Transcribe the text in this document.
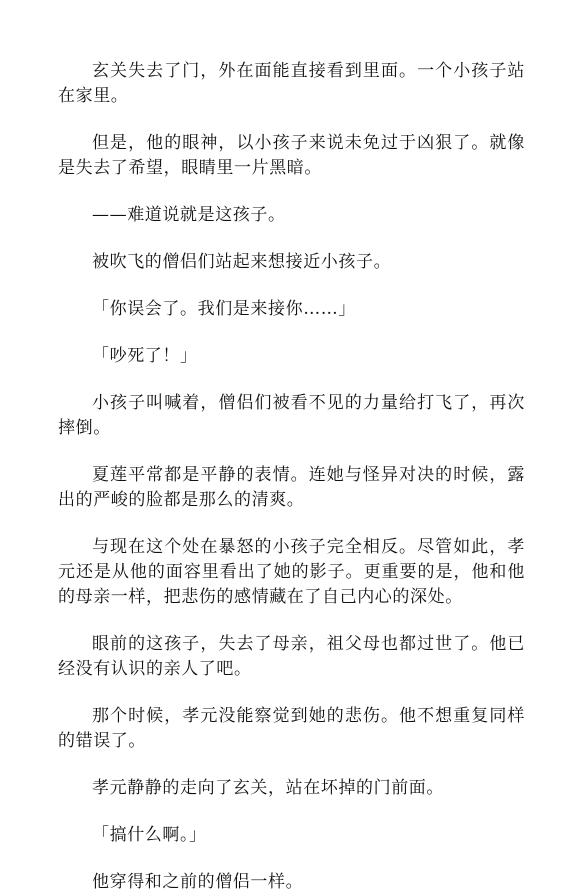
玄关失去了门，外在面能直接看到里面。一个小孩子站在家里。

但是，他的眼神，以小孩子来说未免过于凶狠了。就像是失去了希望，眼睛里一片黑暗。

——难道说就是这孩子。

被吹飞的僧侣们站起来想接近小孩子。

「你误会了。我们是来接你……」

「吵死了！」

小孩子叫喊着，僧侣们被看不见的力量给打飞了，再次摔倒。

夏莲平常都是平静的表情。连她与怪异对决的时候，露出的严峻的脸都是那么的清爽。

与现在这个处在暴怒的小孩子完全相反。尽管如此，孝元还是从他的面容里看出了她的影子。更重要的是，他和他的母亲一样，把悲伤的感情藏在了自己内心的深处。

眼前的这孩子，失去了母亲，祖父母也都过世了。他已经没有认识的亲人了吧。

那个时候，孝元没能察觉到她的悲伤。他不想重复同样的错误了。

孝元静静的走向了玄关，站在坏掉的门前面。

「搞什么啊。」

他穿得和之前的僧侣一样。
